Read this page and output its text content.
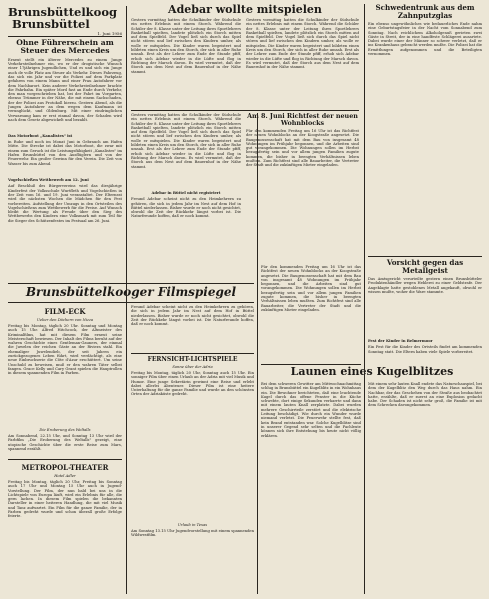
Brunsbüttelkoog
Brunsbüttel
1. Juni 1956

Ohne Führerschein am Steuer des Mercedes

Erneut stellt ein älterer Mercedes zu einem Junge Verkehrsteilnehmer ein, wo er der drogistische Wunsch einer 17jährigen Jugendlichen, Und es und sich ein Junge auch de volle Platz am Steuer als Verkehr. Dieses Fahrzeug, das sich ein Jahr und vor die Polizei auf dem Parkplatz gefahren von einem Mann und einer Frau Autofahrer vor dem Nachbarort. Kein anderer Verkehrsteilnehmer brachte die Fahrbahn. Ein später Mord fast an Ende durch Verkehr, den man vorgeschrieben hat, bei der Fahrt im Vorgarten, ebenso Trümmer in der Nähe, die mit einem Sachschaden, der der Polizei aus Protokoll hierzu. Gestern Abend, als die Jungen Autofahrer an dem wegen dem Kaufmann ist verunglückt, und Oldenburg. Mit einer eindringlichen Verwarnung kam er erst einmal davon, der Schaden wird nach dem Gesetz abgewickelt und bezahlt.

Das Motorboot „Kanalistes" ist

in Ruhe und noch im Monat Juni in Gebrauch am Hafen Mitte. Die Strecke ist dabei das Motorboot, die zwar mit einem zum Geruch ist die Leistungsfähigkeit „Kanalistes" im Hafen Brunsbüttel von den Ausflüglern und von der Feuerwehr. Ein großer Gewinn für den Verein. Die Zeit von Wasser bis zum Abend.

Vogelschießen Wettbewerb am 12. Juni

Auf Beschluß des Bürgervereins wird das diesjährige Kinderfest der Volksschule Wurtfleth und Vogelschießen in der Zeit vom 16. und 19. Juni veranstaltet. Der Elternrat wird die nächsten Wochen die Mädchen für den Fest vorbereiten. Aufstellung der Umzugs in den Ortsteilen des Vogelschießens zum Wettbewerb für die Preise. Auf Wunsch bleibt die Wertung als Freude über den Sieg des Wettbewerbs den Kindern eine Volksmark mit zum Teil für die Sieger des Schützenfestes im Festsaal am 26. Juni.

Brunsbüttelkooger Filmspiegel

FILM-ECK

Ueber den Dächern von Nizza

Freitag bis Montag, täglich 20 Uhr. Sonntag und Montag auch 15 Uhr. Alfred Hitchcock, der Altmeister des Kriminalfilms, hat mit diesem Film erneut seine Meisterschaft bewiesen. Der Inhalt des Films beruht auf der wahren Geschichte eines Gentleman-Gauners, der einmal die Juwelen der reichen Gäste an der Riviera stahl. Ein ehemaliger Juwelendieb, der seit Jahren ein zurückgezogenes Leben führt, wird verdächtigt, als eine neue Einbruchserie die Côte d'Azur erschüttert. Um seine Unschuld zu beweisen, muß er den wahren Täter selbst fangen. Grace Kelly und Cary Grant spielen die Hauptrollen in diesem spannenden Film in Farben.

Die Eroberung des Weltalls

Am Sonnabend, 22.15 Uhr, und Sonntag 13 Uhr wird der Farbfilm „Die Eroberung des Weltalls" gezeigt, eine utopische Geschichte über die erste Reise zum Mars, spannend erzählt.

METROPOL-THEATER

Hotel Adler

Freitag bis Montag, täglich 20 Uhr, Freitag bis Sonntag auch 17 Uhr und Montag 15 Uhr auch in Jugend-Vorstellung. Der Film, der nun bald bei uns in die Lichtspiele von Europa läuft, wird ein Erlebnis für alle, die gern lachen. In diesem Film spielen die bekannten Darsteller in einer heiteren Handlung, die mit viel Musik und Tanz aufwartet. Ein Film für die ganze Familie, der in Farben gedreht wurde und schon überall große Erfolge feierte.

Adebar wollte mitspielen

Gestern vormittag hatten die Schulkinder der Südschule ein nettes Erlebnis mit einem Storch. Während die Schüler der 8. Klasse unter der Leitung ihres Sportlehrers Basketball spielten, landete plötzlich ein Storch mitten auf dem Spielfeld. Der Vogel ließ sich durch das Spiel nicht stören und lief zwischen den Kindern umher, als wolle er mitspielen. Die Kinder waren begeistert und bildeten einen Kreis um den Storch, der sich in aller Ruhe umsah. Erst als der Lehrer zum Ende der Stunde pfiff, erhob sich Adebar wieder in die Lüfte und flog in Richtung der Marsch davon. Es wird vermutet, daß der Storch aus dem Nest auf dem Bauernhof in der Nähe stammt.

Gestern vormittag hatten die Schulkinder der Südschule ein nettes Erlebnis mit einem Storch. Während die Schüler der 8. Klasse unter der Leitung ihres Sportlehrers Basketball spielten, landete plötzlich ein Storch mitten auf dem Spielfeld. Der Vogel ließ sich durch das Spiel nicht stören und lief zwischen den Kindern umher, als wolle er mitspielen. Die Kinder waren begeistert und bildeten einen Kreis um den Storch, der sich in aller Ruhe umsah. Erst als der Lehrer zum Ende der Stunde pfiff, erhob sich Adebar wieder in die Lüfte und flog in Richtung der Marsch davon. Es wird vermutet, daß der Storch aus dem Nest auf dem Bauernhof in der Nähe stammt.

Am 8. Juni Richtfest der neuen Wohnblocks

Für den kommenden Freitag um 16 Uhr ist das Richtfest der neuen Wohnblocks an der Koogstraße angesetzt. Die Baugenossenschaft hat mit dem Bau von insgesamt 48 Wohnungen im Frühjahr begonnen, und die Arbeiten sind gut vorangekommen. Die Wohnungen sollen im Herbst bezugsfertig sein und vor allem jungen Familien zugute kommen, die bisher in beengten Verhältnissen leben mußten. Zum Richtfest sind alle Bauarbeiter, die Vertreter der Stadt und die zukünftigen Mieter eingeladen.

Gestern vormittag hatten die Schulkinder der Südschule ein nettes Erlebnis mit einem Storch. Während die Schüler der 8. Klasse unter der Leitung ihres Sportlehrers Basketball spielten, landete plötzlich ein Storch mitten auf dem Spielfeld. Der Vogel ließ sich durch das Spiel nicht stören und lief zwischen den Kindern umher, als wolle er mitspielen. Die Kinder waren begeistert und bildeten einen Kreis um den Storch, der sich in aller Ruhe umsah. Erst als der Lehrer zum Ende der Stunde pfiff, erhob sich Adebar wieder in die Lüfte und flog in Richtung der Marsch davon. Es wird vermutet, daß der Storch aus dem Nest auf dem Bauernhof in der Nähe stammt.

Adebar in Büttel nicht registriert

Freund Adebar scheint nicht zu den Heimkehrern zu gehören, die sich in jedem Jahr im Nest auf dem Hof in Büttel niederlassen. Bisher wurde er noch nicht gesichtet, obwohl die Zeit der Rückkehr längst vorbei ist. Die Naturfreunde hoffen, daß er noch kommt.

Freund Adebar scheint nicht zu den Heimkehrern zu gehören, die sich in jedem Jahr im Nest auf dem Hof in Büttel niederlassen. Bisher wurde er noch nicht gesichtet, obwohl die Zeit der Rückkehr längst vorbei ist. Die Naturfreunde hoffen, daß er noch kommt.

FERNSICHT-LICHTSPIELE

Sonne über der Adria

Freitag bis Montag, täglich 20 Uhr, Sonntag auch 15 Uhr. Ein sonniger Film über einen Urlaub an der Adria mit viel Musik und Humor. Eine junge Sekretärin gewinnt eine Reise und erlebt dabei allerlei Abenteuer. Dieser Film ist eine heitere Unterhaltung für die ganze Familie und wurde an den schönsten Orten der Adriaküste gedreht.

Urlaub in Texas

Am Sonntag 13.15 Uhr Jugendvorstellung mit einem spannenden Wildwestfilm.

Launen eines Kugelblitzes

Bei dem schweren Gewitter am Mittwochnachmittag schlug in Brunsbüttel ein Kugelblitz in ein Wohnhaus ein. Die Bewohner berichteten, daß eine leuchtende Kugel durch das offene Fenster in die Küche schwebte, dort einige Sekunden verharrte und dann mit einem lauten Knall zerplatzte. Dabei wurden mehrere Geschirrteile zerstört und die elektrische Leitung beschädigt. Wie durch ein Wunder wurde niemand verletzt. Die Feuerwehr stellte fest, daß kein Brand entstanden war. Solche Kugelblitze sind in unserer Gegend sehr selten und die Fachleute können sich ihre Entstehung bis heute nicht völlig erklären.

Für den kommenden Freitag um 16 Uhr ist das Richtfest der neuen Wohnblocks an der Koogstraße angesetzt. Die Baugenossenschaft hat mit dem Bau von insgesamt 48 Wohnungen im Frühjahr begonnen, und die Arbeiten sind gut vorangekommen. Die Wohnungen sollen im Herbst bezugsfertig sein und vor allem jungen Familien zugute kommen, die bisher in beengten Verhältnissen leben mußten. Zum Richtfest sind alle Bauarbeiter, die Vertreter der Stadt und die zukünftigen Mieter eingeladen.

Schwedentrunk aus dem Zahnputzglas

Ein ebenso ungewöhnliches wie bedauerliches Ende nahm eine Geburtstagsfeier in der Nacht vom Sonnabend zum Sonntag. Nach reichlichem Alkoholgenuß gerieten zwei Gäste in Streit, der in eine handfeste Schlägerei ausartete. Dabei wurde einer der Männer so schwer verletzt, daß er ins Krankenhaus gebracht werden mußte. Die Polizei hat die Ermittlungen aufgenommen und die Beteiligten vernommen.

Vorsicht gegen das Metallgeist

Das Amtsgericht verurteilte gestern einen Brunsbütteler Produktenhändler wegen Hehlerei zu einer Geldstrafe. Der Angeklagte hatte gestohlenes Metall angekauft, obwohl er wissen mußte, woher die Ware stammte.

Fest der Kinder in Belmermoor

Ein Fest für die Kinder des Ortsteils findet am kommenden Sonntag statt. Die Eltern haben viele Spiele vorbereitet.

Mit einem sehr lauten Knall endete das Naturschauspiel, bei dem der Kugelblitz den Weg durch das Haus nahm. Ein Nachbar, der das Geschehen von der Straße aus beobachtet hatte, erzählte, daß er zuerst an eine Explosion gedacht habe. Der Schaden ist nicht sehr groß, die Familie ist mit dem Schrecken davongekommen.
